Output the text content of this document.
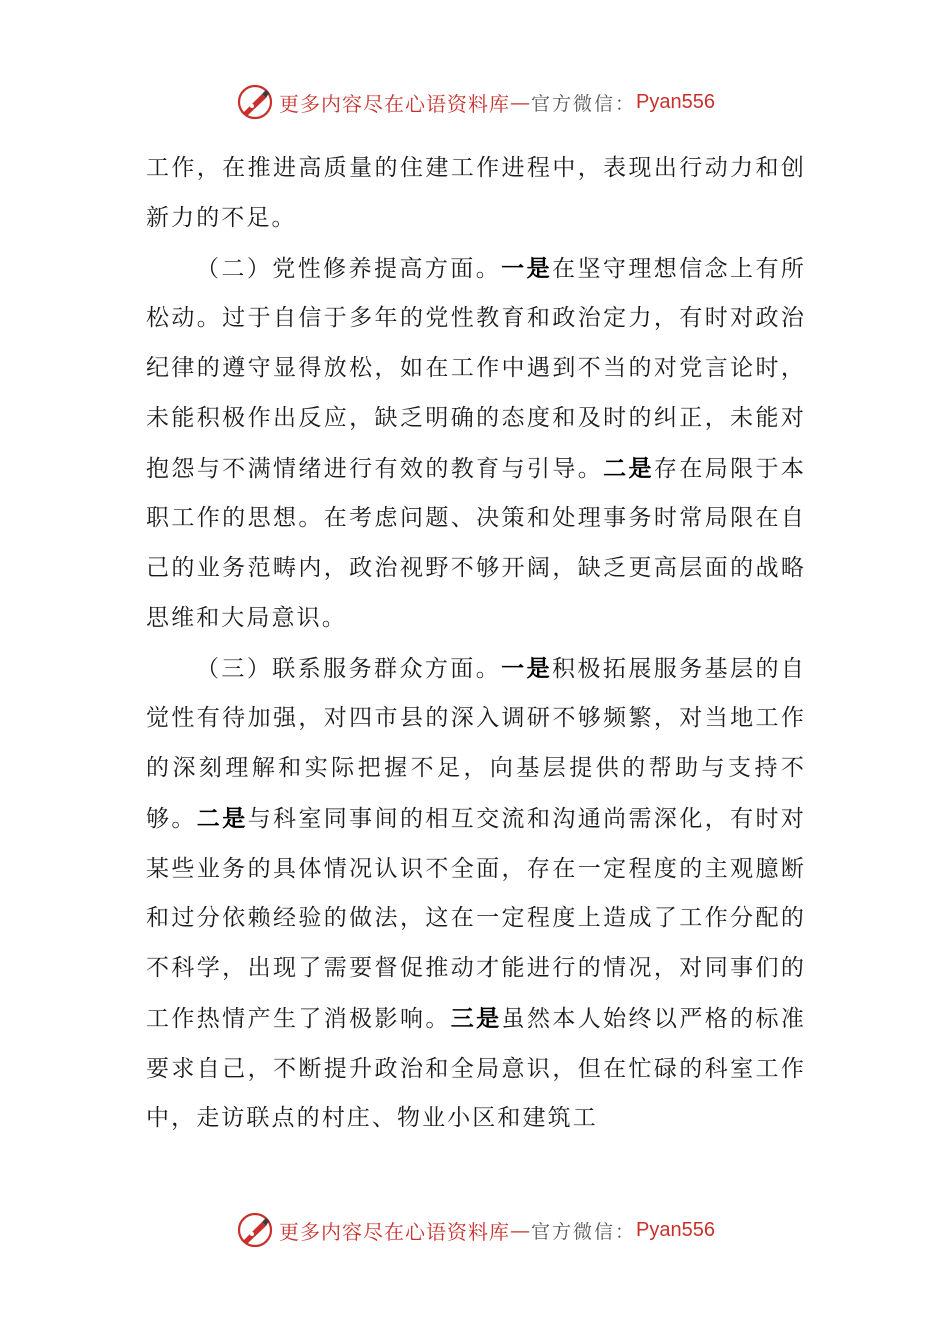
更多内容尽在心语资料库 — 官方微信： Pyan556

工作，在推进高质量的住建工作进程中，表现出行动力和创新力的不足。

（二）党性修养提高方面。一是在坚守理想信念上有所松动。过于自信于多年的党性教育和政治定力，有时对政治纪律的遵守显得放松，如在工作中遇到不当的对党言论时，未能积极作出反应，缺乏明确的态度和及时的纠正，未能对抱怨与不满情绪进行有效的教育与引导。二是存在局限于本职工作的思想。在考虑问题、决策和处理事务时常局限在自己的业务范畴内，政治视野不够开阔，缺乏更高层面的战略思维和大局意识。

（三）联系服务群众方面。一是积极拓展服务基层的自觉性有待加强，对四市县的深入调研不够频繁，对当地工作的深刻理解和实际把握不足，向基层提供的帮助与支持不够。二是与科室同事间的相互交流和沟通尚需深化，有时对某些业务的具体情况认识不全面，存在一定程度的主观臆断和过分依赖经验的做法，这在一定程度上造成了工作分配的不科学，出现了需要督促推动才能进行的情况，对同事们的工作热情产生了消极影响。三是虽然本人始终以严格的标准要求自己，不断提升政治和全局意识，但在忙碌的科室工作中，走访联点的村庄、物业小区和建筑工

更多内容尽在心语资料库 — 官方微信： Pyan556
